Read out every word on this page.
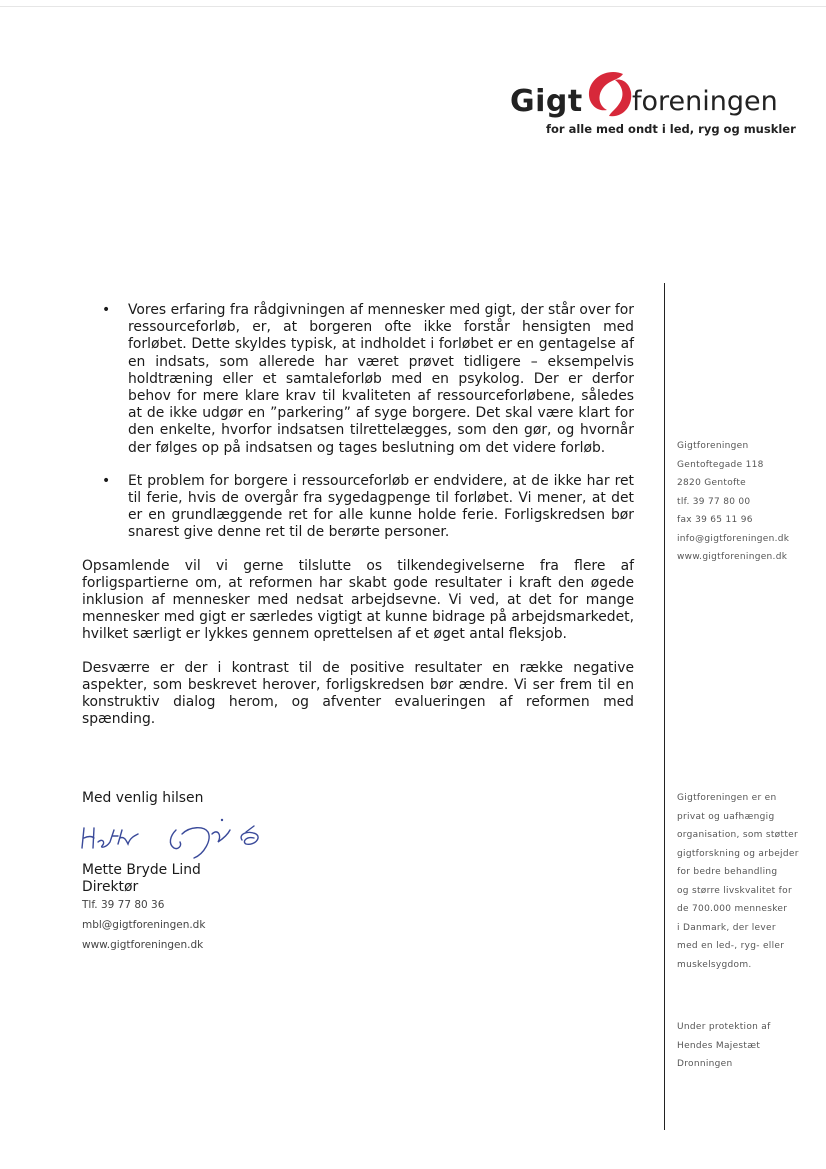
Gigt foreningen
for alle med ondt i led, ryg og muskler
• Vores erfaring fra rådgivningen af mennesker med gigt, der står over for ressourceforløb, er, at borgeren ofte ikke forstår hensigten med forløbet. Dette skyldes typisk, at indholdet i forløbet er en gentagelse af en indsats, som allerede har været prøvet tidligere – eksempelvis holdtræning eller et samtaleforløb med en psykolog. Der er derfor behov for mere klare krav til kvaliteten af ressourceforløbene, således at de ikke udgør en ”parkering” af syge borgere. Det skal være klart for den enkelte, hvorfor indsatsen tilrettelægges, som den gør, og hvornår der følges op på indsatsen og tages beslutning om det videre forløb.
• Et problem for borgere i ressourceforløb er endvidere, at de ikke har ret til ferie, hvis de overgår fra sygedagpenge til forløbet. Vi mener, at det er en grundlæggende ret for alle kunne holde ferie. Forligskredsen bør snarest give denne ret til de berørte personer.

Opsamlende vil vi gerne tilslutte os tilkendegivelserne fra flere af forligspartierne om, at reformen har skabt gode resultater i kraft den øgede inklusion af mennesker med nedsat arbejdsevne. Vi ved, at det for mange mennesker med gigt er særledes vigtigt at kunne bidrage på arbejdsmarkedet, hvilket særligt er lykkes gennem oprettelsen af et øget antal fleksjob.

Desværre er der i kontrast til de positive resultater en række negative aspekter, som beskrevet herover, forligskredsen bør ændre. Vi ser frem til en konstruktiv dialog herom, og afventer evalueringen af reformen med spænding.

Med venlig hilsen
Mette Bryde Lind
Direktør
Tlf. 39 77 80 36
mbl@gigtforeningen.dk
www.gigtforeningen.dk
Gigtforeningen
Gentoftegade 118
2820 Gentofte
tlf. 39 77 80 00
fax 39 65 11 96
info@gigtforeningen.dk
www.gigtforeningen.dk
Gigtforeningen er en
privat og uafhængig
organisation, som støtter
gigtforskning og arbejder
for bedre behandling
og større livskvalitet for
de 700.000 mennesker
i Danmark, der lever
med en led-, ryg- eller
muskelsygdom.
Under protektion af
Hendes Majestæt
Dronningen
